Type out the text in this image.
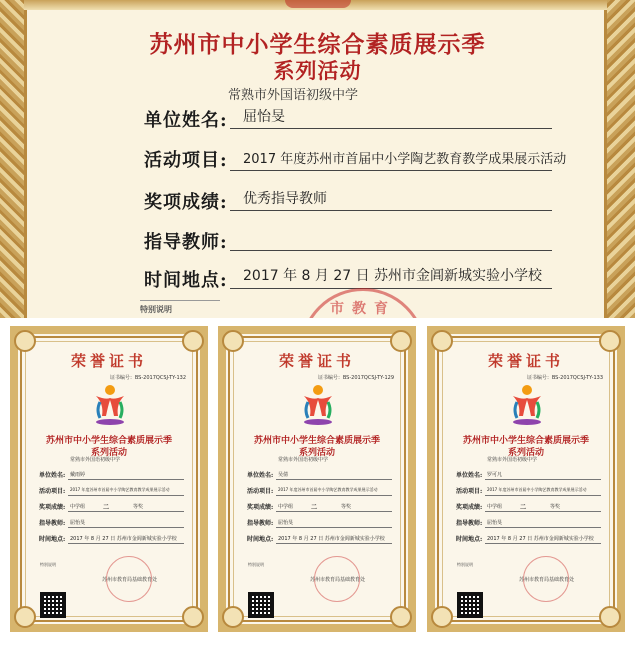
苏州市中小学生综合素质展示季
系列活动
常熟市外国语初级中学
单位姓名: 屈怡旻
活动项目: 2017 年度苏州市首届中小学陶艺教育教学成果展示活动
奖项成绩: 优秀指导教师
指导教师:
时间地点: 2017 年 8 月 27 日 苏州市金阊新城实验小学校
市教育
特别说明
荣誉证书
证书编号：BS-2017QCSJ-TY-132
苏州市中小学生综合素质展示季
系列活动
常熟市外国语初级中学
单位姓名: 戴雨婷
活动项目: 2017 年度苏州市首届中小学陶艺教育教学成果展示活动
奖项成绩: 中学组	二	等奖
指导教师: 屈怡旻
时间地点: 2017 年 8 月 27 日 苏州市金阊新城实验小学校
特别说明
苏州市教育局基础教育处
荣誉证书
证书编号：BS-2017QCSJ-TY-129
苏州市中小学生综合素质展示季
系列活动
常熟市外国语初级中学
单位姓名: 吴倩
活动项目: 2017 年度苏州市首届中小学陶艺教育教学成果展示活动
奖项成绩: 中学组	二	等奖
指导教师: 屈怡旻
时间地点: 2017 年 8 月 27 日 苏州市金阊新城实验小学校
特别说明
苏州市教育局基础教育处
荣誉证书
证书编号：BS-2017QCSJ-TY-133
苏州市中小学生综合素质展示季
系列活动
常熟市外国语初级中学
单位姓名: 罗可凡
活动项目: 2017 年度苏州市首届中小学陶艺教育教学成果展示活动
奖项成绩: 中学组	二	等奖
指导教师: 屈怡旻
时间地点: 2017 年 8 月 27 日 苏州市金阊新城实验小学校
特别说明
苏州市教育局基础教育处
